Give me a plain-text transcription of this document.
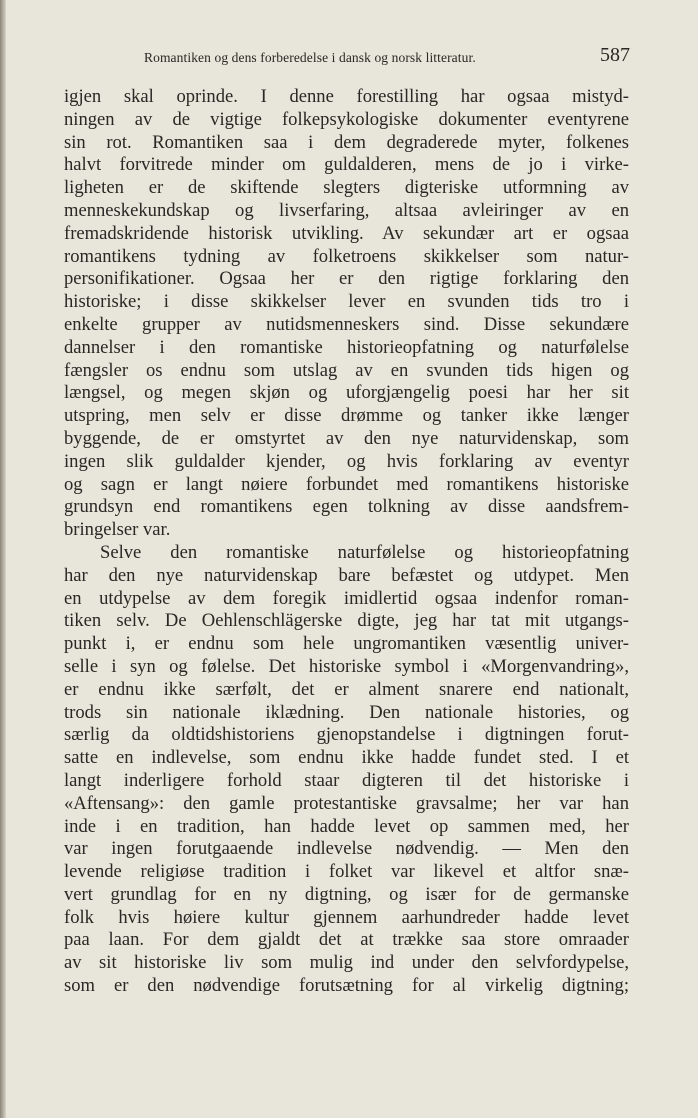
Romantiken og dens forberedelse i dansk og norsk litteratur.	587
igjen skal oprinde. I denne forestilling har ogsaa mistyd-
ningen av de vigtige folkepsykologiske dokumenter eventyrene
sin rot. Romantiken saa i dem degraderede myter, folkenes
halvt forvitrede minder om guldalderen, mens de jo i virke-
ligheten er de skiftende slegters digteriske utformning av
menneskekundskap og livserfaring, altsaa avleiringer av en
fremadskridende historisk utvikling. Av sekundær art er ogsaa
romantikens tydning av folketroens skikkelser som natur-
personifikationer. Ogsaa her er den rigtige forklaring den
historiske; i disse skikkelser lever en svunden tids tro i
enkelte grupper av nutidsmenneskers sind. Disse sekundære
dannelser i den romantiske historieopfatning og naturfølelse
fængsler os endnu som utslag av en svunden tids higen og
længsel, og megen skjøn og uforgjængelig poesi har her sit
utspring, men selv er disse drømme og tanker ikke længer
byggende, de er omstyrtet av den nye naturvidenskap, som
ingen slik guldalder kjender, og hvis forklaring av eventyr
og sagn er langt nøiere forbundet med romantikens historiske
grundsyn end romantikens egen tolkning av disse aandsfrem-
bringelser var.
Selve den romantiske naturfølelse og historieopfatning
har den nye naturvidenskap bare befæstet og utdypet. Men
en utdypelse av dem foregik imidlertid ogsaa indenfor roman-
tiken selv. De Oehlenschlägerske digte, jeg har tat mit utgangs-
punkt i, er endnu som hele ungromantiken væsentlig univer-
selle i syn og følelse. Det historiske symbol i «Morgenvandring»,
er endnu ikke særfølt, det er alment snarere end nationalt,
trods sin nationale iklædning. Den nationale histories, og
særlig da oldtidshistoriens gjenopstandelse i digtningen forut-
satte en indlevelse, som endnu ikke hadde fundet sted. I et
langt inderligere forhold staar digteren til det historiske i
«Aftensang»: den gamle protestantiske gravsalme; her var han
inde i en tradition, han hadde levet op sammen med, her
var ingen forutgaaende indlevelse nødvendig. — Men den
levende religiøse tradition i folket var likevel et altfor snæ-
vert grundlag for en ny digtning, og især for de germanske
folk hvis høiere kultur gjennem aarhundreder hadde levet
paa laan. For dem gjaldt det at trække saa store omraader
av sit historiske liv som mulig ind under den selvfordypelse,
som er den nødvendige forutsætning for al virkelig digtning;
